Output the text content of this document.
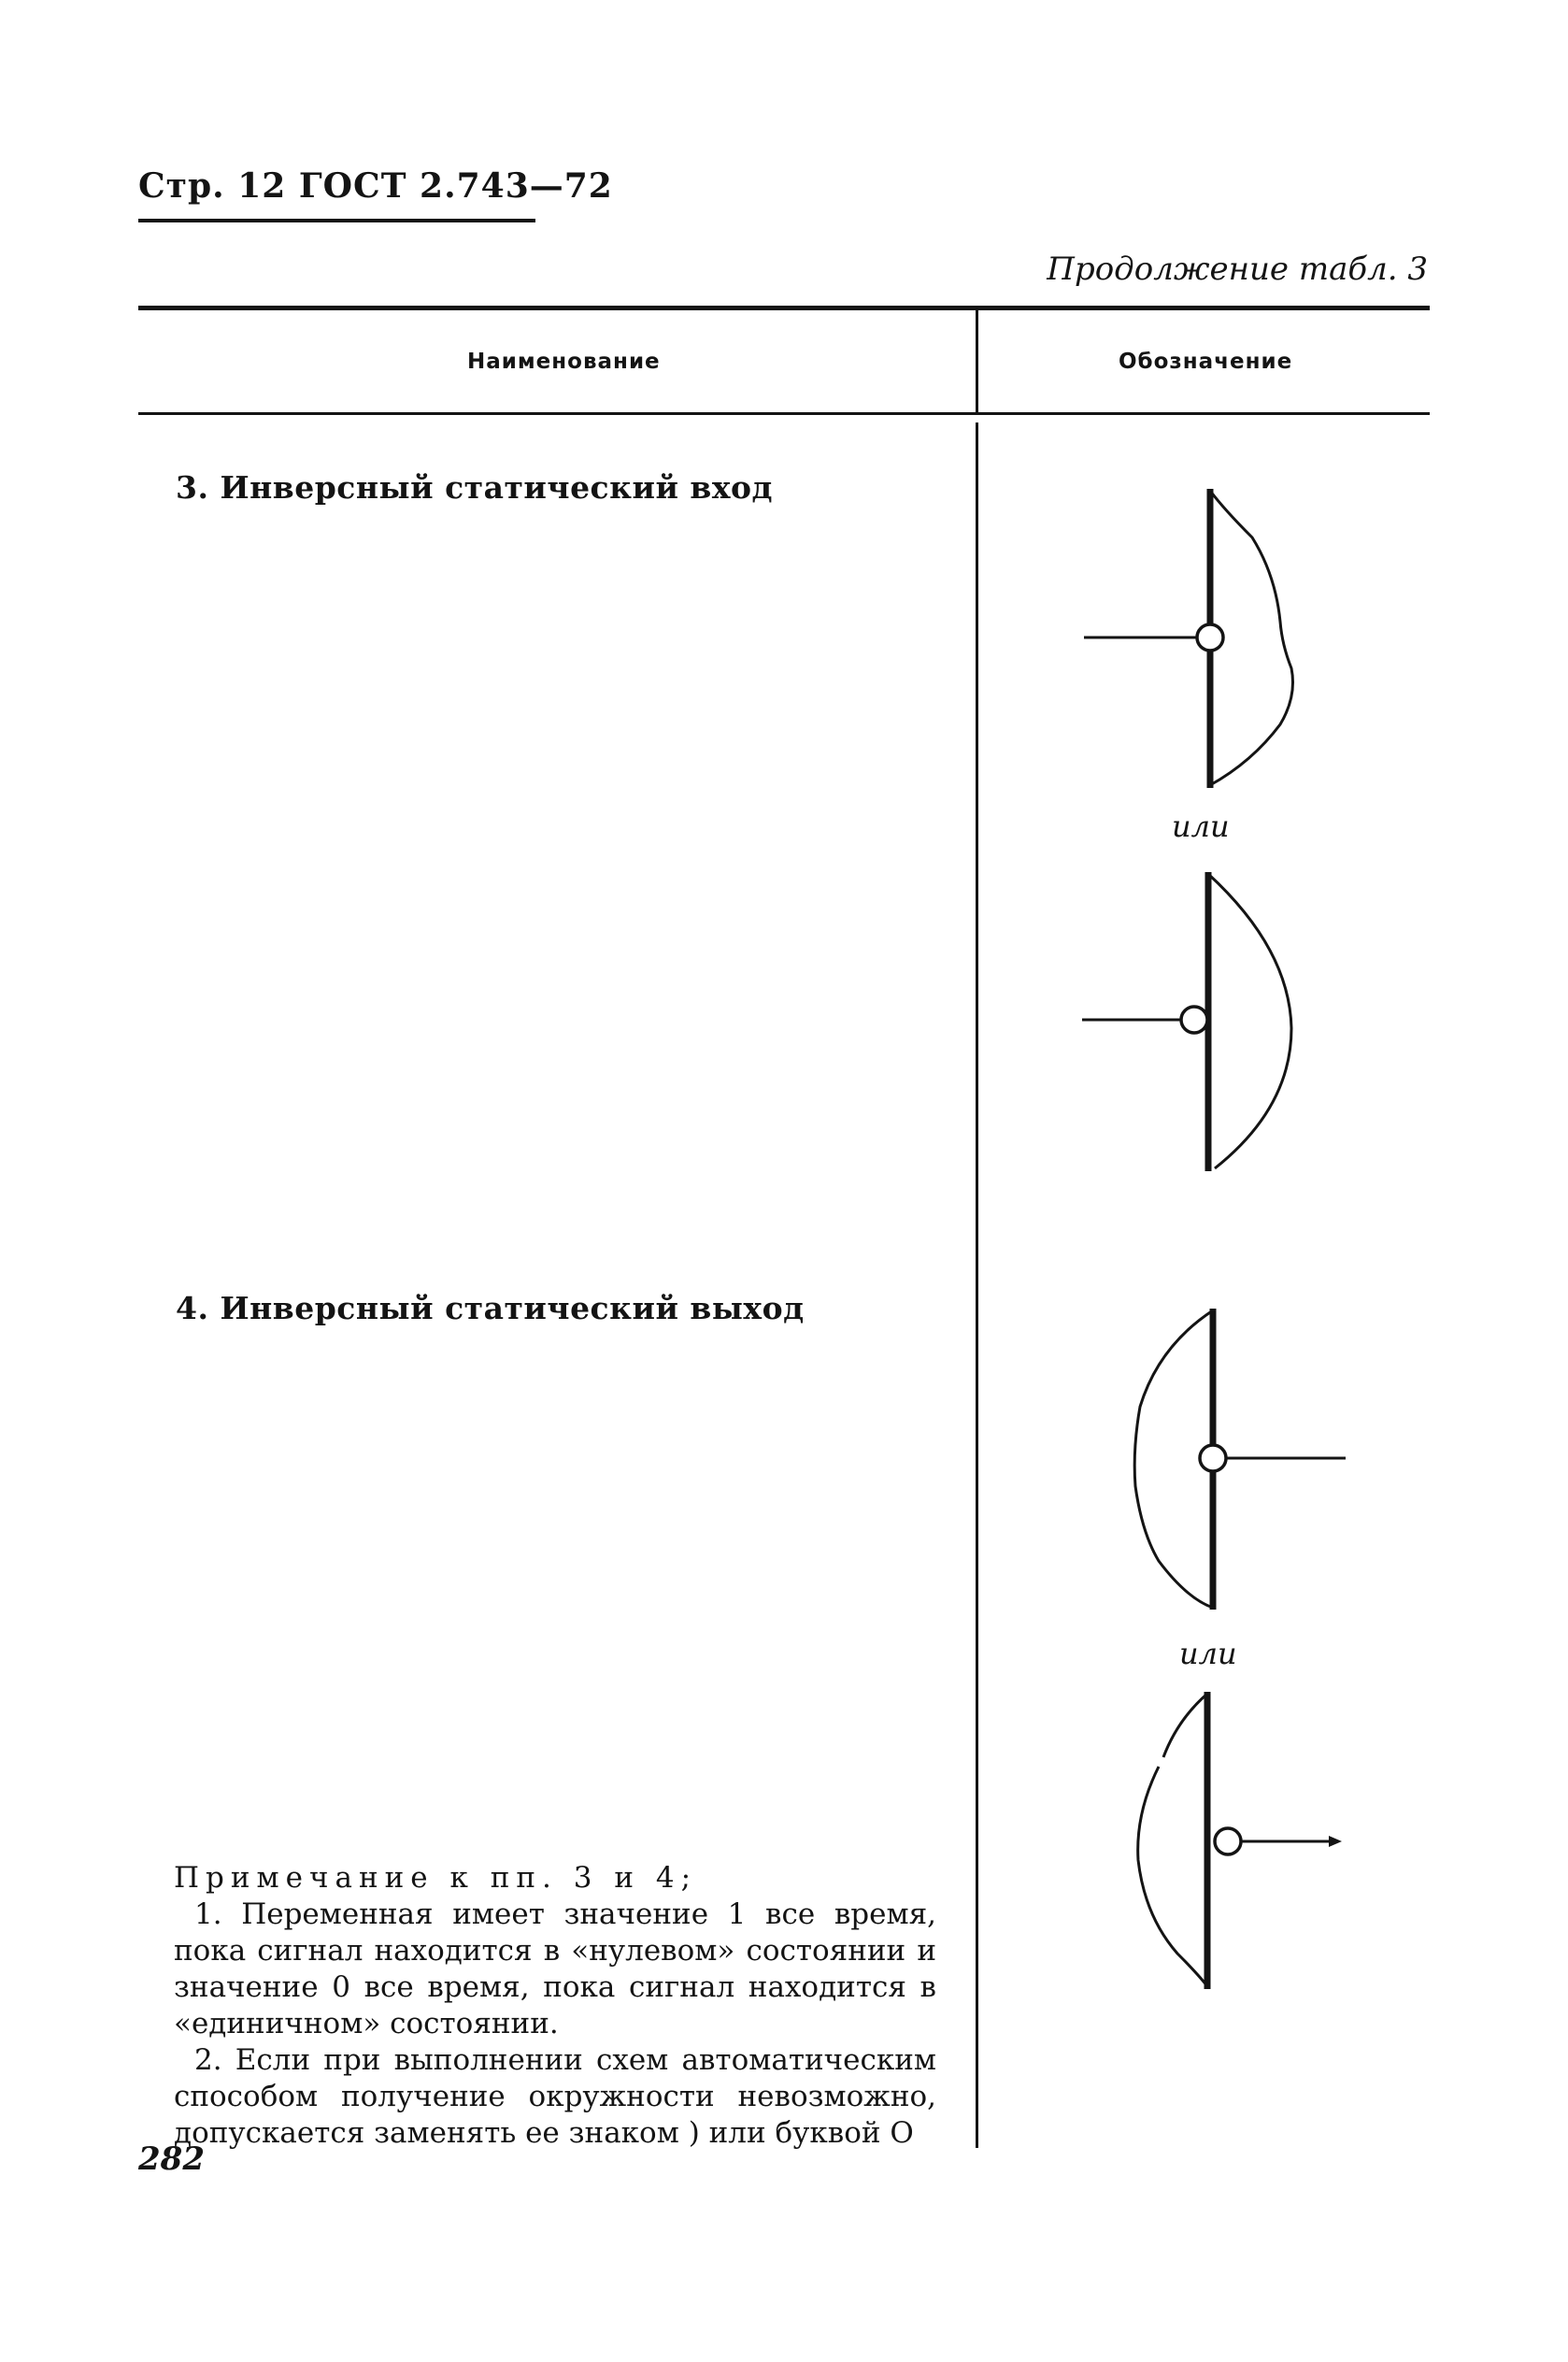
Стр. 12 ГОСТ 2.743—72
Продолжение табл. 3
Наименование	Обозначение
3. Инверсный статический вход
или
4. Инверсный статический выход
или

Примечание к пп. 3 и 4;

1. Переменная имеет значение 1 все время, пока сигнал находится в «нулевом» состоянии и значение 0 все время, пока сигнал находится в «единичном» состоянии.

2. Если при выполнении схем автоматическим способом получение окружности невозможно, допускается заменять ее знаком ) или буквой О

282
